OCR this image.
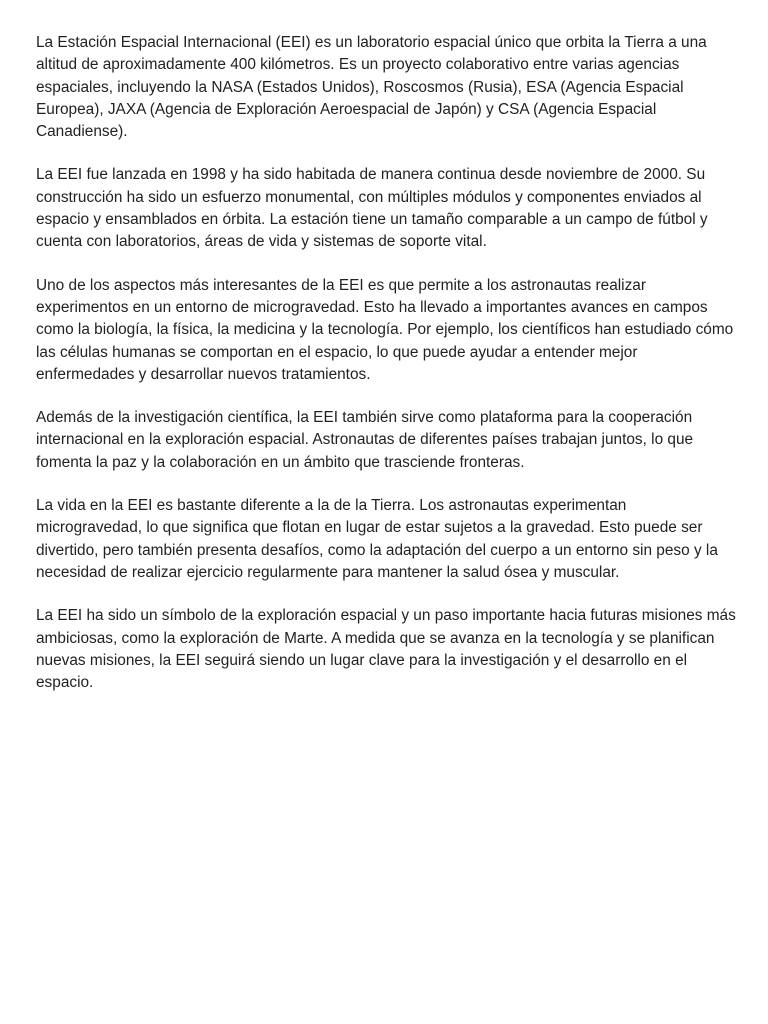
La Estación Espacial Internacional (EEI) es un laboratorio espacial único que orbita la Tierra a una altitud de aproximadamente 400 kilómetros. Es un proyecto colaborativo entre varias agencias espaciales, incluyendo la NASA (Estados Unidos), Roscosmos (Rusia), ESA (Agencia Espacial Europea), JAXA (Agencia de Exploración Aeroespacial de Japón) y CSA (Agencia Espacial Canadiense).

La EEI fue lanzada en 1998 y ha sido habitada de manera continua desde noviembre de 2000. Su construcción ha sido un esfuerzo monumental, con múltiples módulos y componentes enviados al espacio y ensamblados en órbita. La estación tiene un tamaño comparable a un campo de fútbol y cuenta con laboratorios, áreas de vida y sistemas de soporte vital.

Uno de los aspectos más interesantes de la EEI es que permite a los astronautas realizar experimentos en un entorno de microgravedad. Esto ha llevado a importantes avances en campos como la biología, la física, la medicina y la tecnología. Por ejemplo, los científicos han estudiado cómo las células humanas se comportan en el espacio, lo que puede ayudar a entender mejor enfermedades y desarrollar nuevos tratamientos.

Además de la investigación científica, la EEI también sirve como plataforma para la cooperación internacional en la exploración espacial. Astronautas de diferentes países trabajan juntos, lo que fomenta la paz y la colaboración en un ámbito que trasciende fronteras.

La vida en la EEI es bastante diferente a la de la Tierra. Los astronautas experimentan microgravedad, lo que significa que flotan en lugar de estar sujetos a la gravedad. Esto puede ser divertido, pero también presenta desafíos, como la adaptación del cuerpo a un entorno sin peso y la necesidad de realizar ejercicio regularmente para mantener la salud ósea y muscular.

La EEI ha sido un símbolo de la exploración espacial y un paso importante hacia futuras misiones más ambiciosas, como la exploración de Marte. A medida que se avanza en la tecnología y se planifican nuevas misiones, la EEI seguirá siendo un lugar clave para la investigación y el desarrollo en el espacio.
